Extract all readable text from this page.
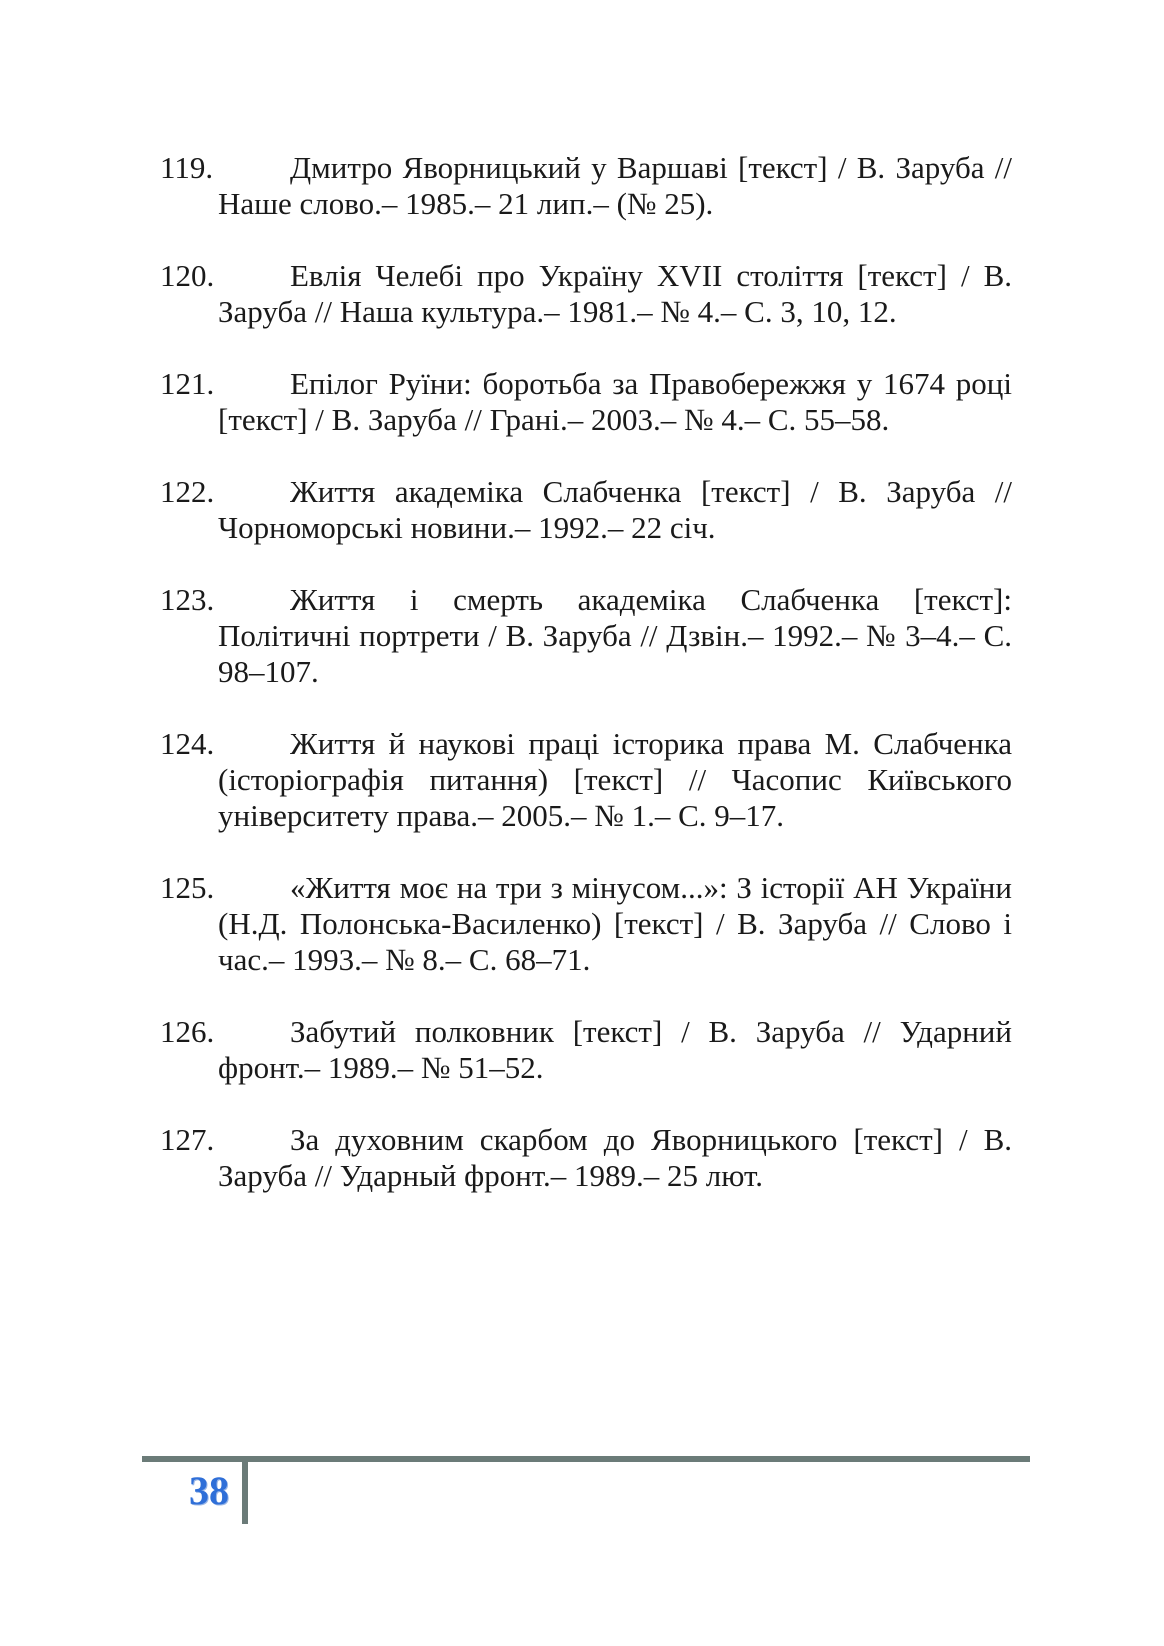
119.	Дмитро Яворницький у Варшаві [текст] / В. Заруба // Наше слово.– 1985.– 21 лип.– (№ 25).
120.	Евлія Челебі про Україну XVII століття [текст] / В. Заруба // Наша культура.– 1981.– № 4.– С. 3, 10, 12.
121.	Епілог Руїни: боротьба за Правобережжя у 1674 році [текст] / В. Заруба // Грані.– 2003.– № 4.– С. 55–58.
122.	Життя академіка Слабченка [текст] / В. Заруба // Чорноморські новини.– 1992.– 22 січ.
123.	Життя і смерть академіка Слабченка [текст]: Політичні портрети / В. Заруба // Дзвін.– 1992.– № 3–4.– С. 98–107.
124.	Життя й наукові праці історика права М. Слабченка (історіографія питання) [текст] // Часопис Київського університету права.– 2005.– № 1.– С. 9–17.
125.	«Життя моє на три з мінусом...»: З історії АН України (Н.Д. Полонська-Василенко) [текст] / В. Заруба // Слово і час.– 1993.– № 8.– С. 68–71.
126.	Забутий полковник [текст] / В. Заруба // Ударний фронт.– 1989.– № 51–52.
127.	За духовним скарбом до Яворницького [текст] / В. Заруба // Ударный фронт.– 1989.– 25 лют.
38
